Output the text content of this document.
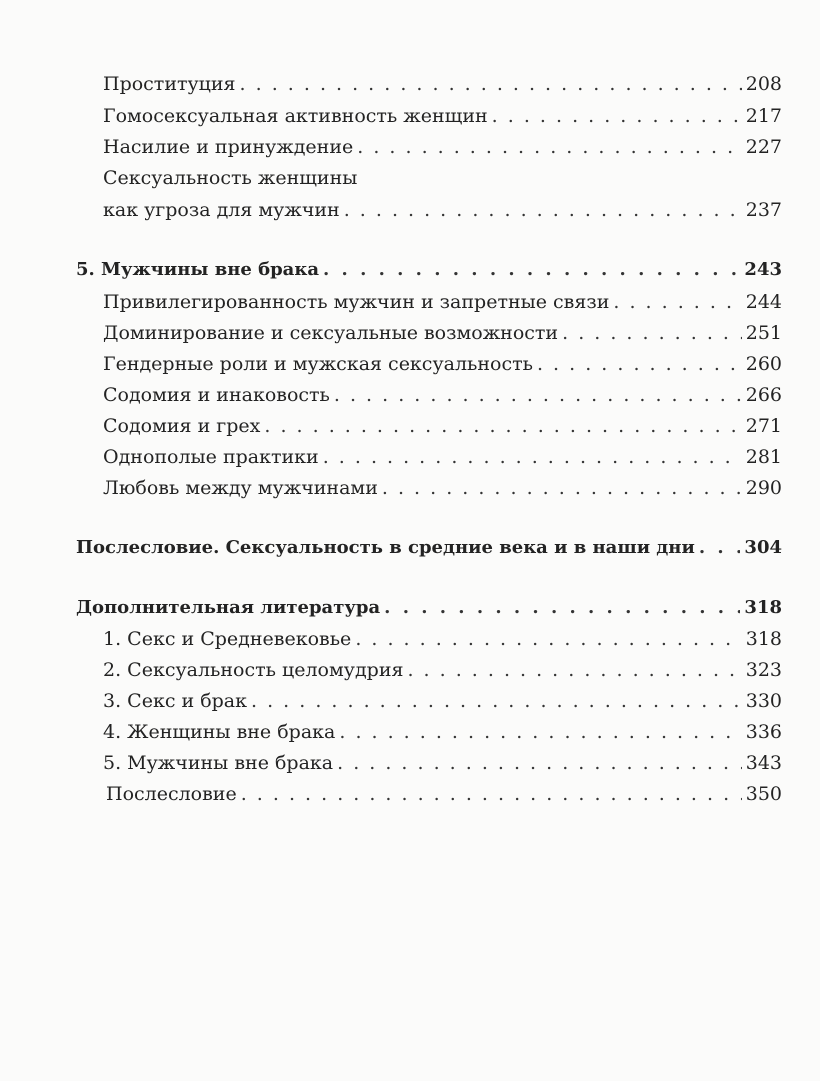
Проституция . . .	208
Гомосексуальная активность женщин . . .	217
Насилие и принуждение . . .	227
Сексуальность женщины
как угроза для мужчин . . .	237
5. Мужчины вне брака . . .	243
Привилегированность мужчин и запретные связи . . .	244
Доминирование и сексуальные возможности . . .	251
Гендерные роли и мужская сексуальность . . .	260
Содомия и инаковость . . .	266
Содомия и грех . . .	271
Однополые практики . . .	281
Любовь между мужчинами . . .	290
Послесловие. Сексуальность в средние века и в наши дни . . .	304
Дополнительная литература . . .	318
1. Секс и Средневековье . . .	318
2. Сексуальность целомудрия . . .	323
3. Секс и брак . . .	330
4. Женщины вне брака . . .	336
5. Мужчины вне брака . . .	343
Послесловие . . .	350
